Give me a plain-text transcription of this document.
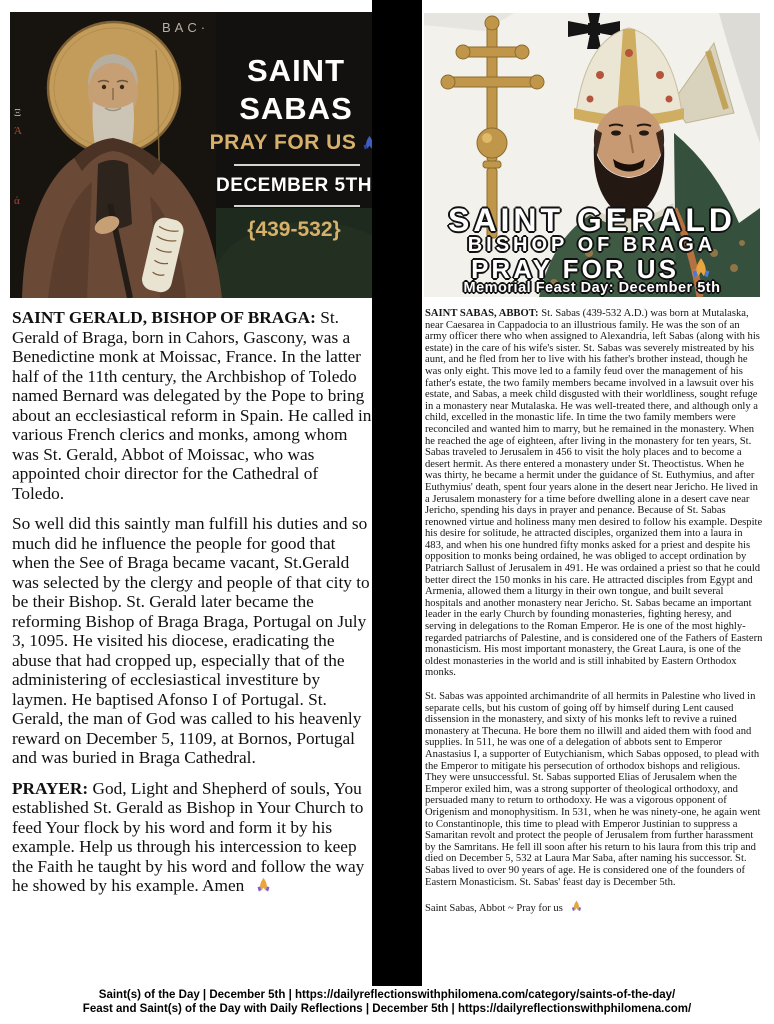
Ξ
Ά
ά
ΒΑС·
SAINT
SABAS
PRAY FOR US
DECEMBER 5TH
{439-532}	SAINT GERALD
BISHOP OF BRAGA
PRAY FOR US
Memorial Feast Day: December 5th

SAINT GERALD, BISHOP OF BRAGA: St. Gerald of Braga, born in Cahors, Gascony, was a Benedictine monk at Moissac, France. In the latter half of the 11th century, the Archbishop of Toledo named Bernard was delegated by the Pope to bring about an ecclesiastical reform in Spain. He called in various French clerics and monks, among whom was St. Gerald, Abbot of Moissac, who was appointed choir director for the Cathedral of Toledo.

So well did this saintly man fulfill his duties and so much did he influence the people for good that when the See of Braga became vacant, St.Gerald was selected by the clergy and people of that city to be their Bishop. St. Gerald later became the reforming Bishop of Braga Braga, Portugal on July 3, 1095. He visited his diocese, eradicating the abuse that had cropped up, especially that of the administering of ecclesiastical investiture by laymen. He baptised Afonso I of Portugal. St. Gerald, the man of God was called to his heavenly reward on December 5, 1109, at Bornos, Portugal and was buried in Braga Cathedral.

PRAYER: God, Light and Shepherd of souls, You established St. Gerald as Bishop in Your Church to feed Your flock by his word and form it by his example. Help us through his intercession to keep the Faith he taught by his word and follow the way he showed by his example. Amen

SAINT SABAS, ABBOT: St. Sabas (439-532 A.D.) was born at Mutalaska, near Caesarea in Cappadocia to an illustrious family. He was the son of an army officer there who when assigned to Alexandria, left Sabas (along with his estate) in the care of his wife's sister. St. Sabas was severely mistreated by his aunt, and he fled from her to live with his father's brother instead, though he was only eight. This move led to a family feud over the management of his father's estate, the two family members became involved in a lawsuit over his estate, and Sabas, a meek child disgusted with their worldliness, sought refuge in a monastery near Mutalaska. He was well-treated there, and although only a child, excelled in the monastic life. In time the two family members were reconciled and wanted him to marry, but he remained in the monastery. When he reached the age of eighteen, after living in the monastery for ten years, St. Sabas traveled to Jerusalem in 456 to visit the holy places and to become a desert hermit. As there entered a monastery under St. Theoctistus. When he was thirty, he became a hermit under the guidance of St. Euthymius, and after Euthymius' death, spent four years alone in the desert near Jericho. He lived in a Jerusalem monastery for a time before dwelling alone in a desert cave near Jericho, spending his days in prayer and penance. Because of St. Sabas renowned virtue and holiness many men desired to follow his example. Despite his desire for solitude, he attracted disciples, organized them into a laura in 483, and when his one hundred fifty monks asked for a priest and despite his opposition to monks being ordained, he was obliged to accept ordination by Patriarch Sallust of Jerusalem in 491. He was ordained a priest so that he could better direct the 150 monks in his care. He attracted disciples from Egypt and Armenia, allowed them a liturgy in their own tongue, and built several hospitals and another monastery near Jericho. St. Sabas became an important leader in the early Church by founding monasteries, fighting heresy, and serving in delegations to the Roman Emperor. He is one of the most highly-regarded patriarchs of Palestine, and is considered one of the Fathers of Eastern monasticism. His most important monastery, the Great Laura, is one of the oldest monasteries in the world and is still inhabited by Eastern Orthodox monks.

St. Sabas was appointed archimandrite of all hermits in Palestine who lived in separate cells, but his custom of going off by himself during Lent caused dissension in the monastery, and sixty of his monks left to revive a ruined monastery at Thecuna. He bore them no illwill and aided them with food and supplies. In 511, he was one of a delegation of abbots sent to Emperor Anastasius I, a supporter of Eutychianism, which Sabas opposed, to plead with the Emperor to mitigate his persecution of orthodox bishops and religious. They were unsuccessful. St. Sabas supported Elias of Jerusalem when the Emperor exiled him, was a strong supporter of theological orthodoxy, and persuaded many to return to orthodoxy. He was a vigorous opponent of Origenism and monophysitism. In 531, when he was ninety-one, he again went to Constantinople, this time to plead with Emperor Justinian to suppress a Samaritan revolt and protect the people of Jerusalem from further harassment by the Samritans. He fell ill soon after his return to his laura from this trip and died on December 5, 532 at Laura Mar Saba, after naming his successor. St. Sabas lived to over 90 years of age. He is considered one of the founders of Eastern Monasticism. St. Sabas' feast day is December 5th.

Saint Sabas, Abbot ~ Pray for us

Saint(s) of the Day | December 5th | https://dailyreflectionswithphilomena.com/category/saints-of-the-day/
Feast and Saint(s) of the Day with Daily Reflections | December 5th | https://dailyreflectionswithphilomena.com/
